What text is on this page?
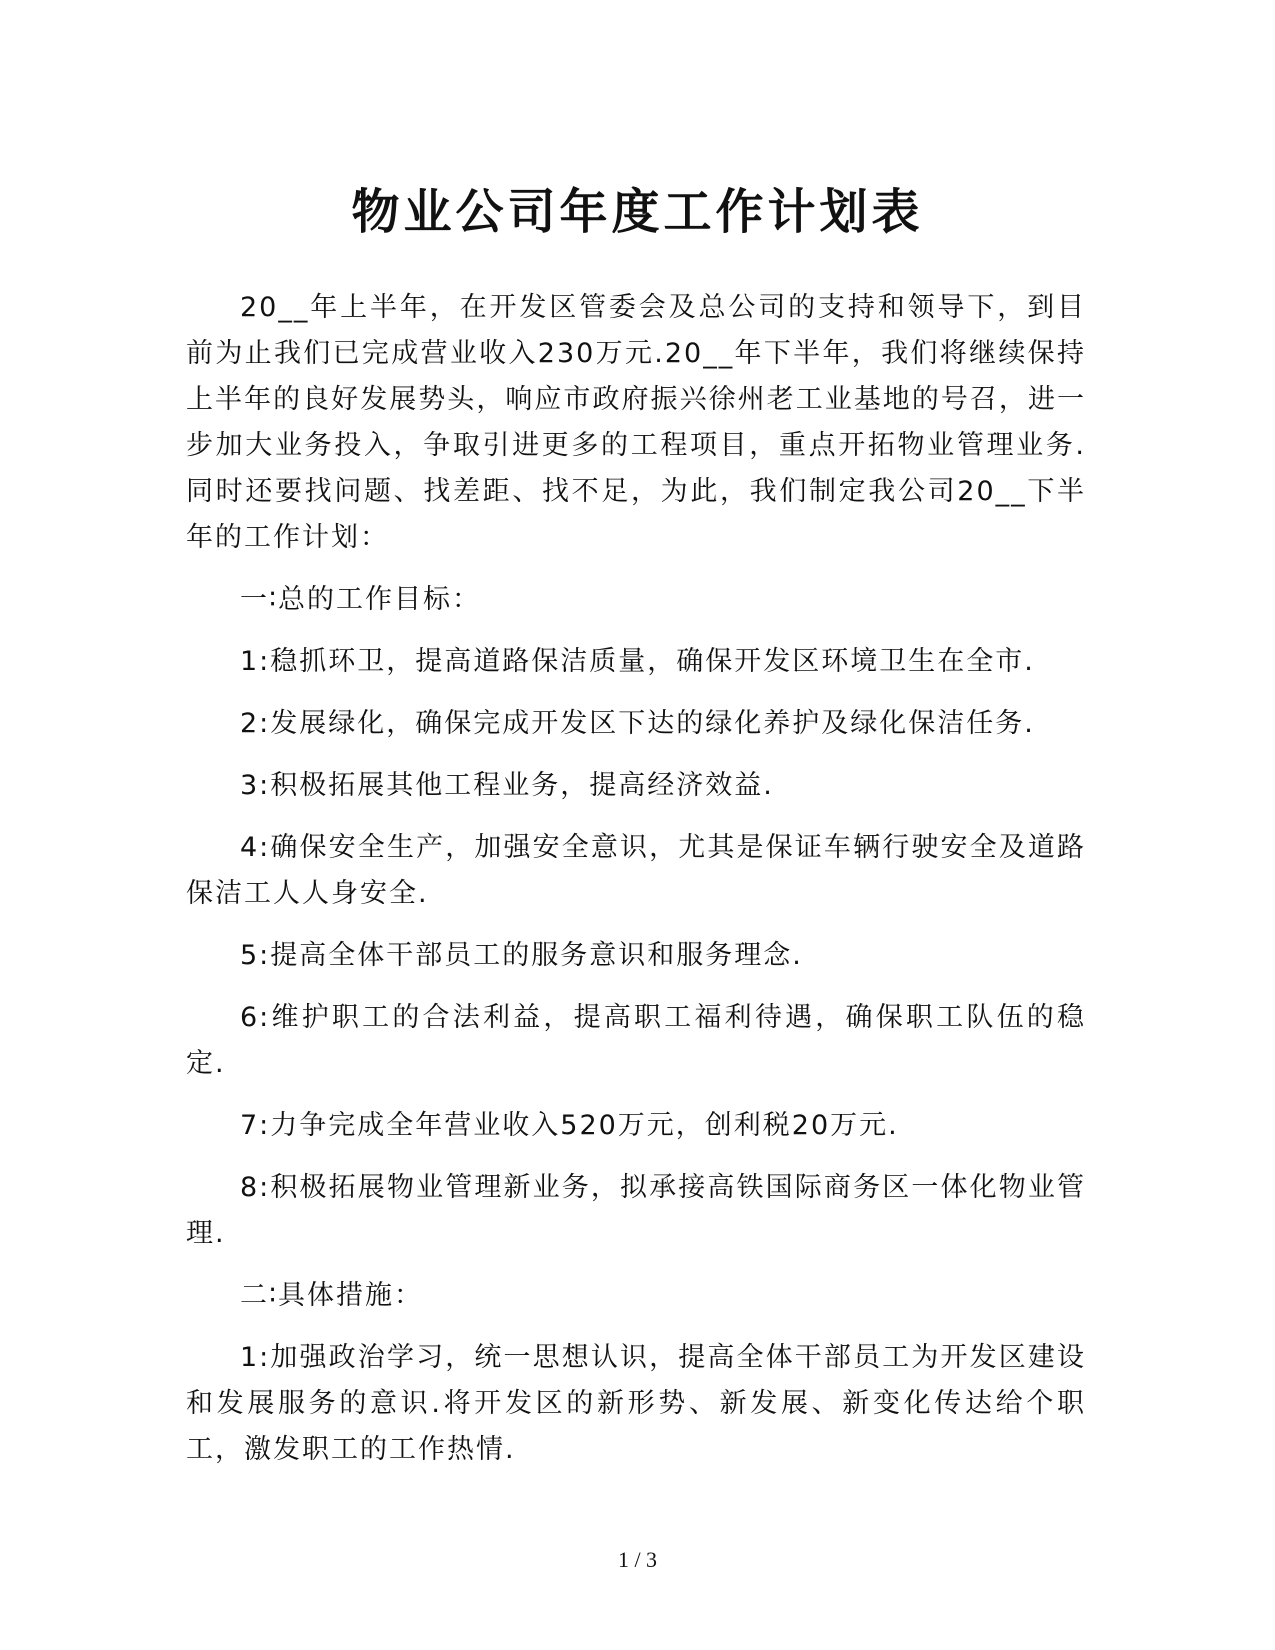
物业公司年度工作计划表

20__年上半年，在开发区管委会及总公司的支持和领导下，到目前为止我们已完成营业收入230万元.20__年下半年，我们将继续保持上半年的良好发展势头，响应市政府振兴徐州老工业基地的号召，进一步加大业务投入，争取引进更多的工程项目，重点开拓物业管理业务.同时还要找问题、找差距、找不足，为此，我们制定我公司20__下半年的工作计划：

一∶总的工作目标：

1:稳抓环卫，提高道路保洁质量，确保开发区环境卫生在全市.

2:发展绿化，确保完成开发区下达的绿化养护及绿化保洁任务.

3:积极拓展其他工程业务，提高经济效益.

4:确保安全生产，加强安全意识，尤其是保证车辆行驶安全及道路保洁工人人身安全.

5:提高全体干部员工的服务意识和服务理念.

6:维护职工的合法利益，提高职工福利待遇，确保职工队伍的稳定.

7:力争完成全年营业收入520万元，创利税20万元.

8:积极拓展物业管理新业务，拟承接高铁国际商务区一体化物业管理.

二∶具体措施：

1:加强政治学习，统一思想认识，提高全体干部员工为开发区建设和发展服务的意识.将开发区的新形势、新发展、新变化传达给个职工，激发职工的工作热情.

1 / 3
